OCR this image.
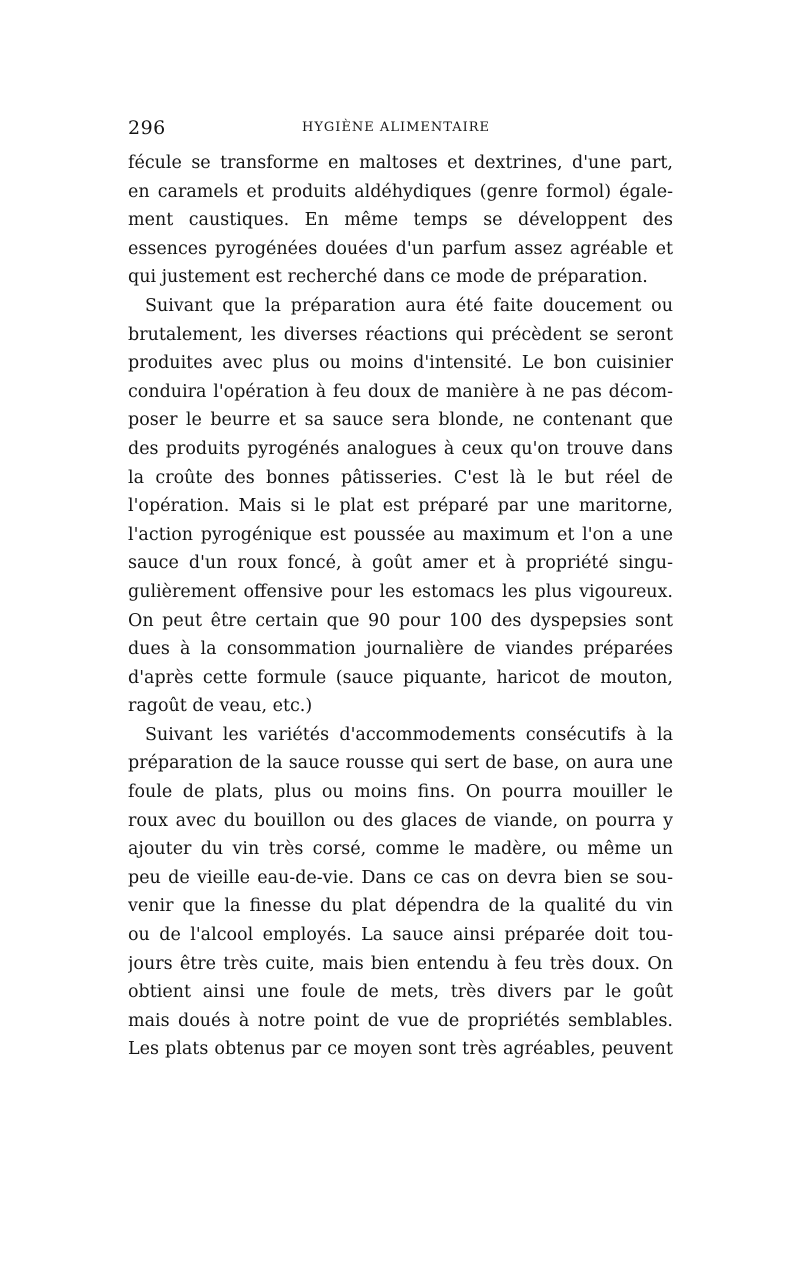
296	HYGIÈNE ALIMENTAIRE
fécule se transforme en maltoses et dextrines, d'une part,
en caramels et produits aldéhydiques (genre formol) égale-
ment caustiques. En même temps se développent des
essences pyrogénées douées d'un parfum assez agréable et
qui justement est recherché dans ce mode de préparation.
Suivant que la préparation aura été faite doucement ou
brutalement, les diverses réactions qui précèdent se seront
produites avec plus ou moins d'intensité. Le bon cuisinier
conduira l'opération à feu doux de manière à ne pas décom-
poser le beurre et sa sauce sera blonde, ne contenant que
des produits pyrogénés analogues à ceux qu'on trouve dans
la croûte des bonnes pâtisseries. C'est là le but réel de
l'opération. Mais si le plat est préparé par une maritorne,
l'action pyrogénique est poussée au maximum et l'on a une
sauce d'un roux foncé, à goût amer et à propriété singu-
gulièrement offensive pour les estomacs les plus vigoureux.
On peut être certain que 90 pour 100 des dyspepsies sont
dues à la consommation journalière de viandes préparées
d'après cette formule (sauce piquante, haricot de mouton,
ragoût de veau, etc.)
Suivant les variétés d'accommodements consécutifs à la
préparation de la sauce rousse qui sert de base, on aura une
foule de plats, plus ou moins fins. On pourra mouiller le
roux avec du bouillon ou des glaces de viande, on pourra y
ajouter du vin très corsé, comme le madère, ou même un
peu de vieille eau-de-vie. Dans ce cas on devra bien se sou-
venir que la finesse du plat dépendra de la qualité du vin
ou de l'alcool employés. La sauce ainsi préparée doit tou-
jours être très cuite, mais bien entendu à feu très doux. On
obtient ainsi une foule de mets, très divers par le goût
mais doués à notre point de vue de propriétés semblables.
Les plats obtenus par ce moyen sont très agréables, peuvent
